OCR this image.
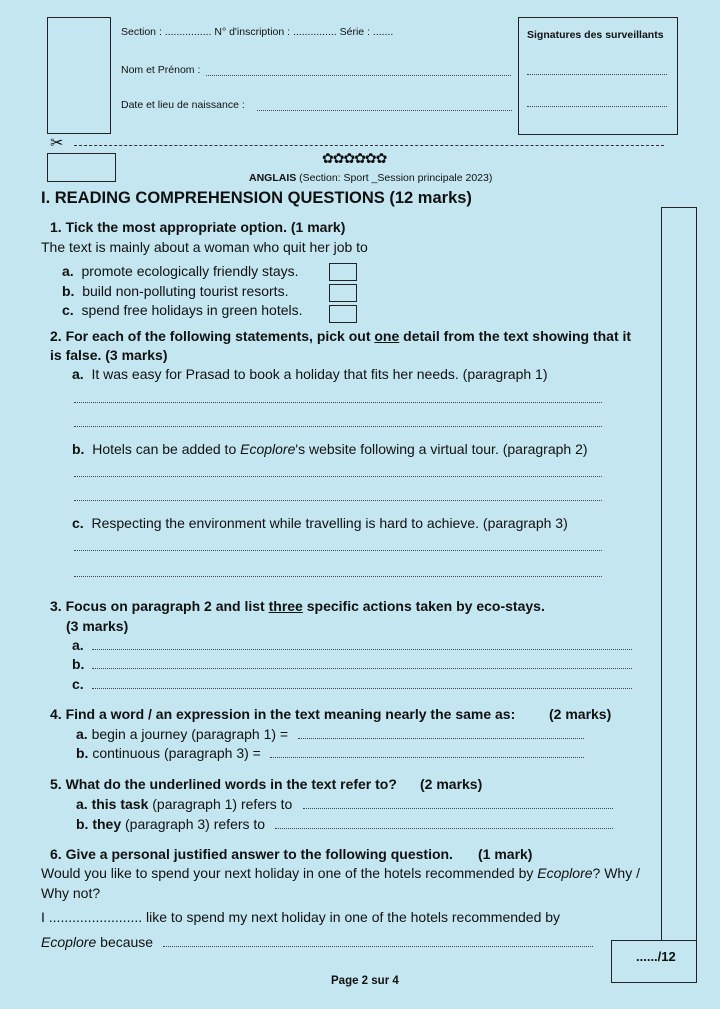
Section : ................ N° d'inscription : ............... Série : .......
Nom et Prénom :
Date et lieu de naissance :
Signatures des surveillants
✂
✿✿✿✿✿✿
ANGLAIS (Section: Sport _Session principale 2023)
I. READING COMPREHENSION QUESTIONS (12 marks)
....../12
1. Tick the most appropriate option. (1 mark)
The text is mainly about a woman who quit her job to
a. promote ecologically friendly stays.
b. build non-polluting tourist resorts.
c. spend free holidays in green hotels.
2. For each of the following statements, pick out one detail from the text showing that it
is false. (3 marks)
a. It was easy for Prasad to book a holiday that fits her needs. (paragraph 1)
b. Hotels can be added to Ecoplore's website following a virtual tour. (paragraph 2)
c. Respecting the environment while travelling is hard to achieve. (paragraph 3)
3. Focus on paragraph 2 and list three specific actions taken by eco-stays.
(3 marks)
a.
b.
c.
4. Find a word / an expression in the text meaning nearly the same as: (2 marks)
a. begin a journey (paragraph 1) =
b. continuous (paragraph 3) =
5. What do the underlined words in the text refer to? (2 marks)
a. this task (paragraph 1) refers to
b. they (paragraph 3) refers to
6. Give a personal justified answer to the following question. (1 mark)
Would you like to spend your next holiday in one of the hotels recommended by Ecoplore? Why /
Why not?
I ........................ like to spend my next holiday in one of the hotels recommended by
Ecoplore because
Page 2 sur 4
